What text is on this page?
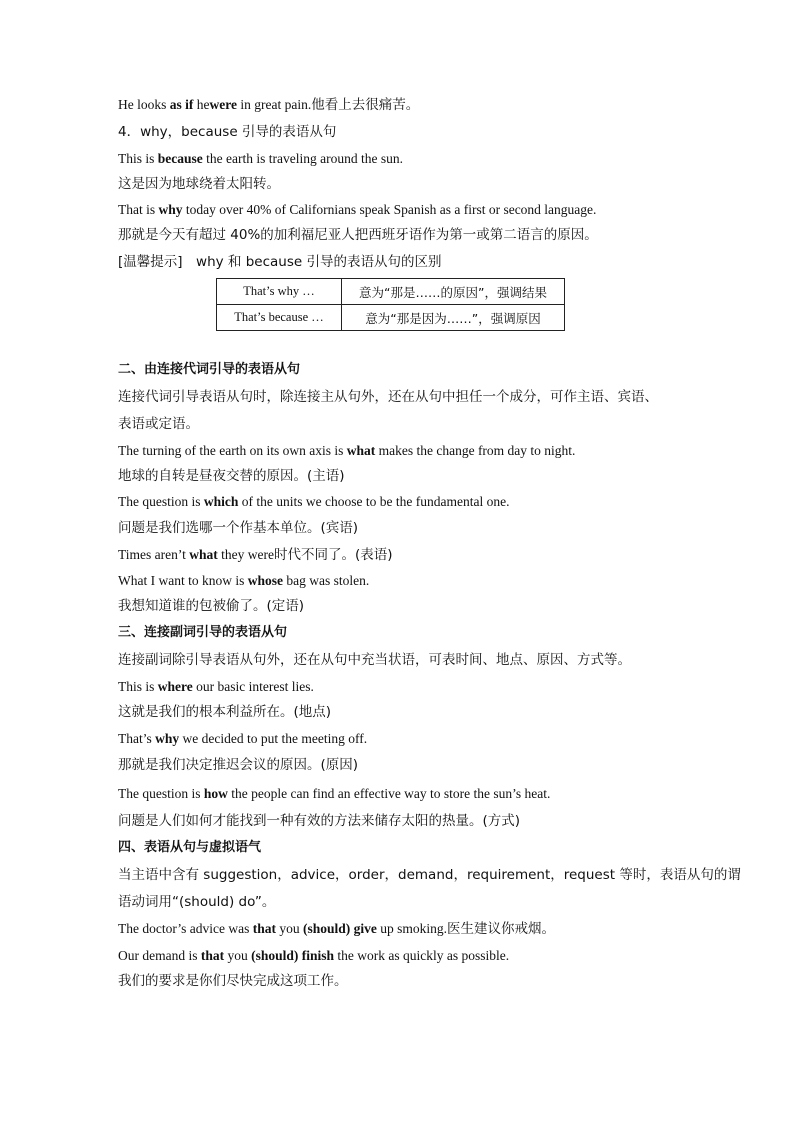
He looks as if hewere in great pain.他看上去很痛苦。
4．why，because 引导的表语从句
This is because the earth is traveling around the sun.
这是因为地球绕着太阳转。
That is why today over 40% of Californians speak Spanish as a first or second language.
那就是今天有超过 40%的加利福尼亚人把西班牙语作为第一或第二语言的原因。
[温馨提示]　why 和 because 引导的表语从句的区别
That’s why …	意为“那是……的原因”，强调结果
That’s because …	意为“那是因为……”，强调原因
二、由连接代词引导的表语从句
连接代词引导表语从句时，除连接主从句外，还在从句中担任一个成分，可作主语、宾语、
表语或定语。
The turning of the earth on its own axis is what makes the change from day to night.
地球的自转是昼夜交替的原因。(主语)
The question is which of the units we choose to be the fundamental one.
问题是我们选哪一个作基本单位。(宾语)
Times aren’t what they were时代不同了。(表语)
What I want to know is whose bag was stolen.
我想知道谁的包被偷了。(定语)
三、连接副词引导的表语从句
连接副词除引导表语从句外，还在从句中充当状语，可表时间、地点、原因、方式等。
This is where our basic interest lies.
这就是我们的根本利益所在。(地点)
That’s why we decided to put the meeting off.
那就是我们决定推迟会议的原因。(原因)
The question is how the people can find an effective way to store the sun’s heat.
问题是人们如何才能找到一种有效的方法来储存太阳的热量。(方式)
四、表语从句与虚拟语气
当主语中含有 suggestion，advice，order，demand，requirement，request 等时，表语从句的谓
语动词用“(should) do”。
The doctor’s advice was that you (should) give up smoking.医生建议你戒烟。
Our demand is that you (should) finish the work as quickly as possible.
我们的要求是你们尽快完成这项工作。
